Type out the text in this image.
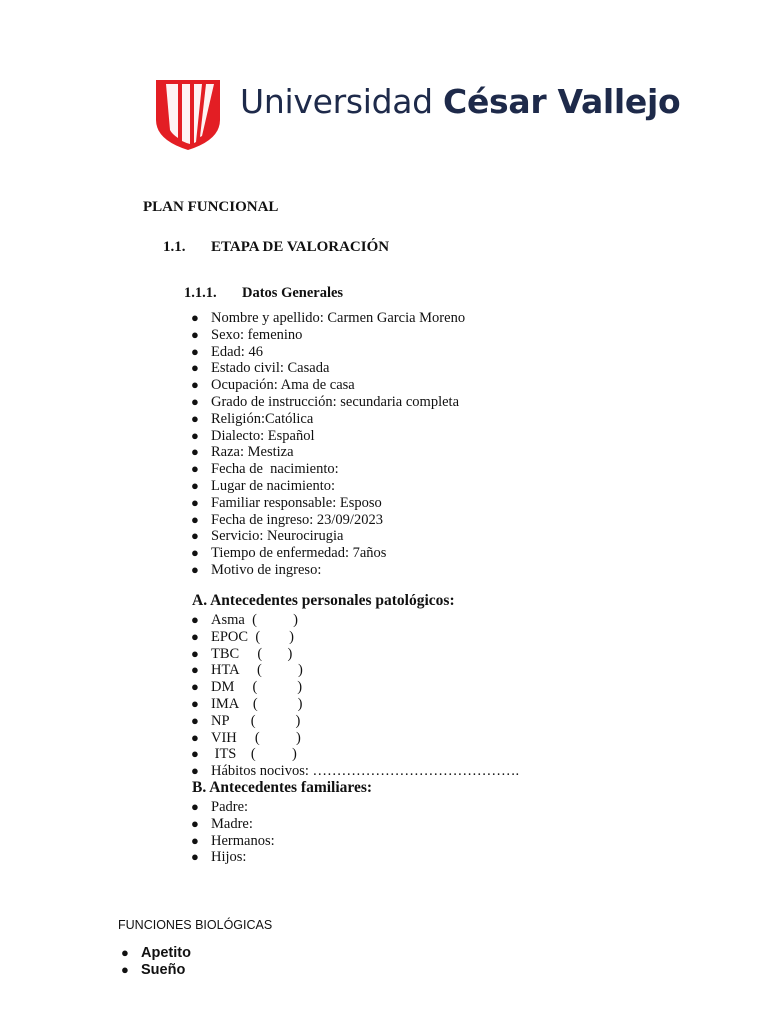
Universidad César Vallejo
PLAN FUNCIONAL
1.1. ETAPA DE VALORACIÓN
1.1.1. Datos Generales
● Nombre y apellido: Carmen Garcia Moreno
● Sexo: femenino
● Edad: 46
● Estado civil: Casada
● Ocupación: Ama de casa
● Grado de instrucción: secundaria completa
● Religión:Católica
● Dialecto: Español
● Raza: Mestiza
● Fecha de  nacimiento:
● Lugar de nacimiento:
● Familiar responsable: Esposo
● Fecha de ingreso: 23/09/2023
● Servicio: Neurocirugia
● Tiempo de enfermedad: 7años
● Motivo de ingreso:
A. Antecedentes personales patológicos:
● Asma  (          )
● EPOC  (        )
● TBC     (       )
● HTA     (          )
● DM     (           )
● IMA    (           )
● NP      (           )
● VIH     (          )
● ITS    (          )
● Hábitos nocivos: …………………………………….
B. Antecedentes familiares:
● Padre:
● Madre:
● Hermanos:
● Hijos:
FUNCIONES BIOLÓGICAS
● Apetito
● Sueño
